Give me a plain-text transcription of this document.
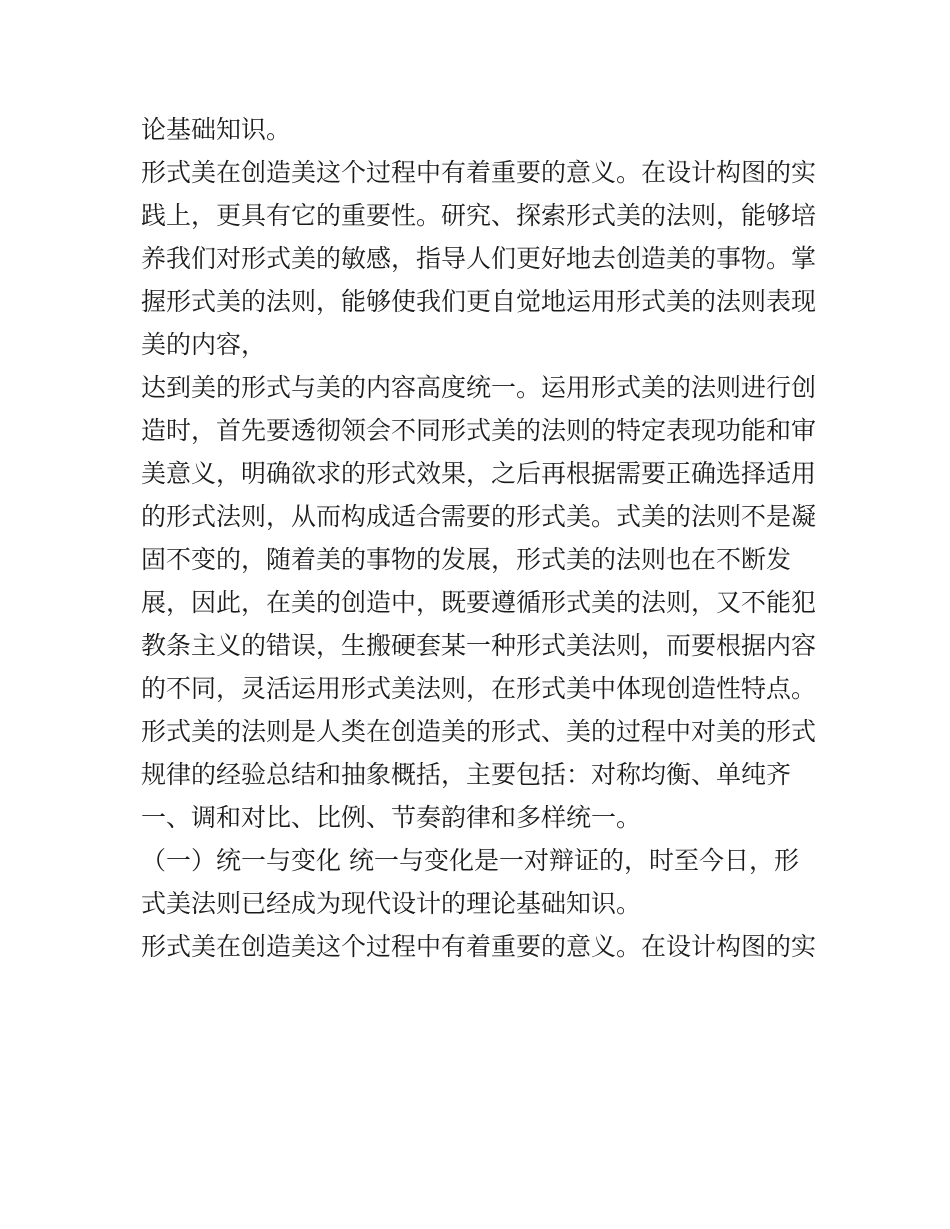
论基础知识。
形式美在创造美这个过程中有着重要的意义。在设计构图的实
践上，更具有它的重要性。研究、探索形式美的法则，能够培
养我们对形式美的敏感，指导人们更好地去创造美的事物。掌
握形式美的法则，能够使我们更自觉地运用形式美的法则表现
美的内容，
达到美的形式与美的内容高度统一。运用形式美的法则进行创
造时，首先要透彻领会不同形式美的法则的特定表现功能和审
美意义，明确欲求的形式效果，之后再根据需要正确选择适用
的形式法则，从而构成适合需要的形式美。式美的法则不是凝
固不变的，随着美的事物的发展，形式美的法则也在不断发
展，因此，在美的创造中，既要遵循形式美的法则，又不能犯
教条主义的错误，生搬硬套某一种形式美法则，而要根据内容
的不同，灵活运用形式美法则，在形式美中体现创造性特点。
形式美的法则是人类在创造美的形式、美的过程中对美的形式
规律的经验总结和抽象概括，主要包括：对称均衡、单纯齐
一、调和对比、比例、节奏韵律和多样统一。
（一）统一与变化 统一与变化是一对辩证的，时至今日，形
式美法则已经成为现代设计的理论基础知识。
形式美在创造美这个过程中有着重要的意义。在设计构图的实
